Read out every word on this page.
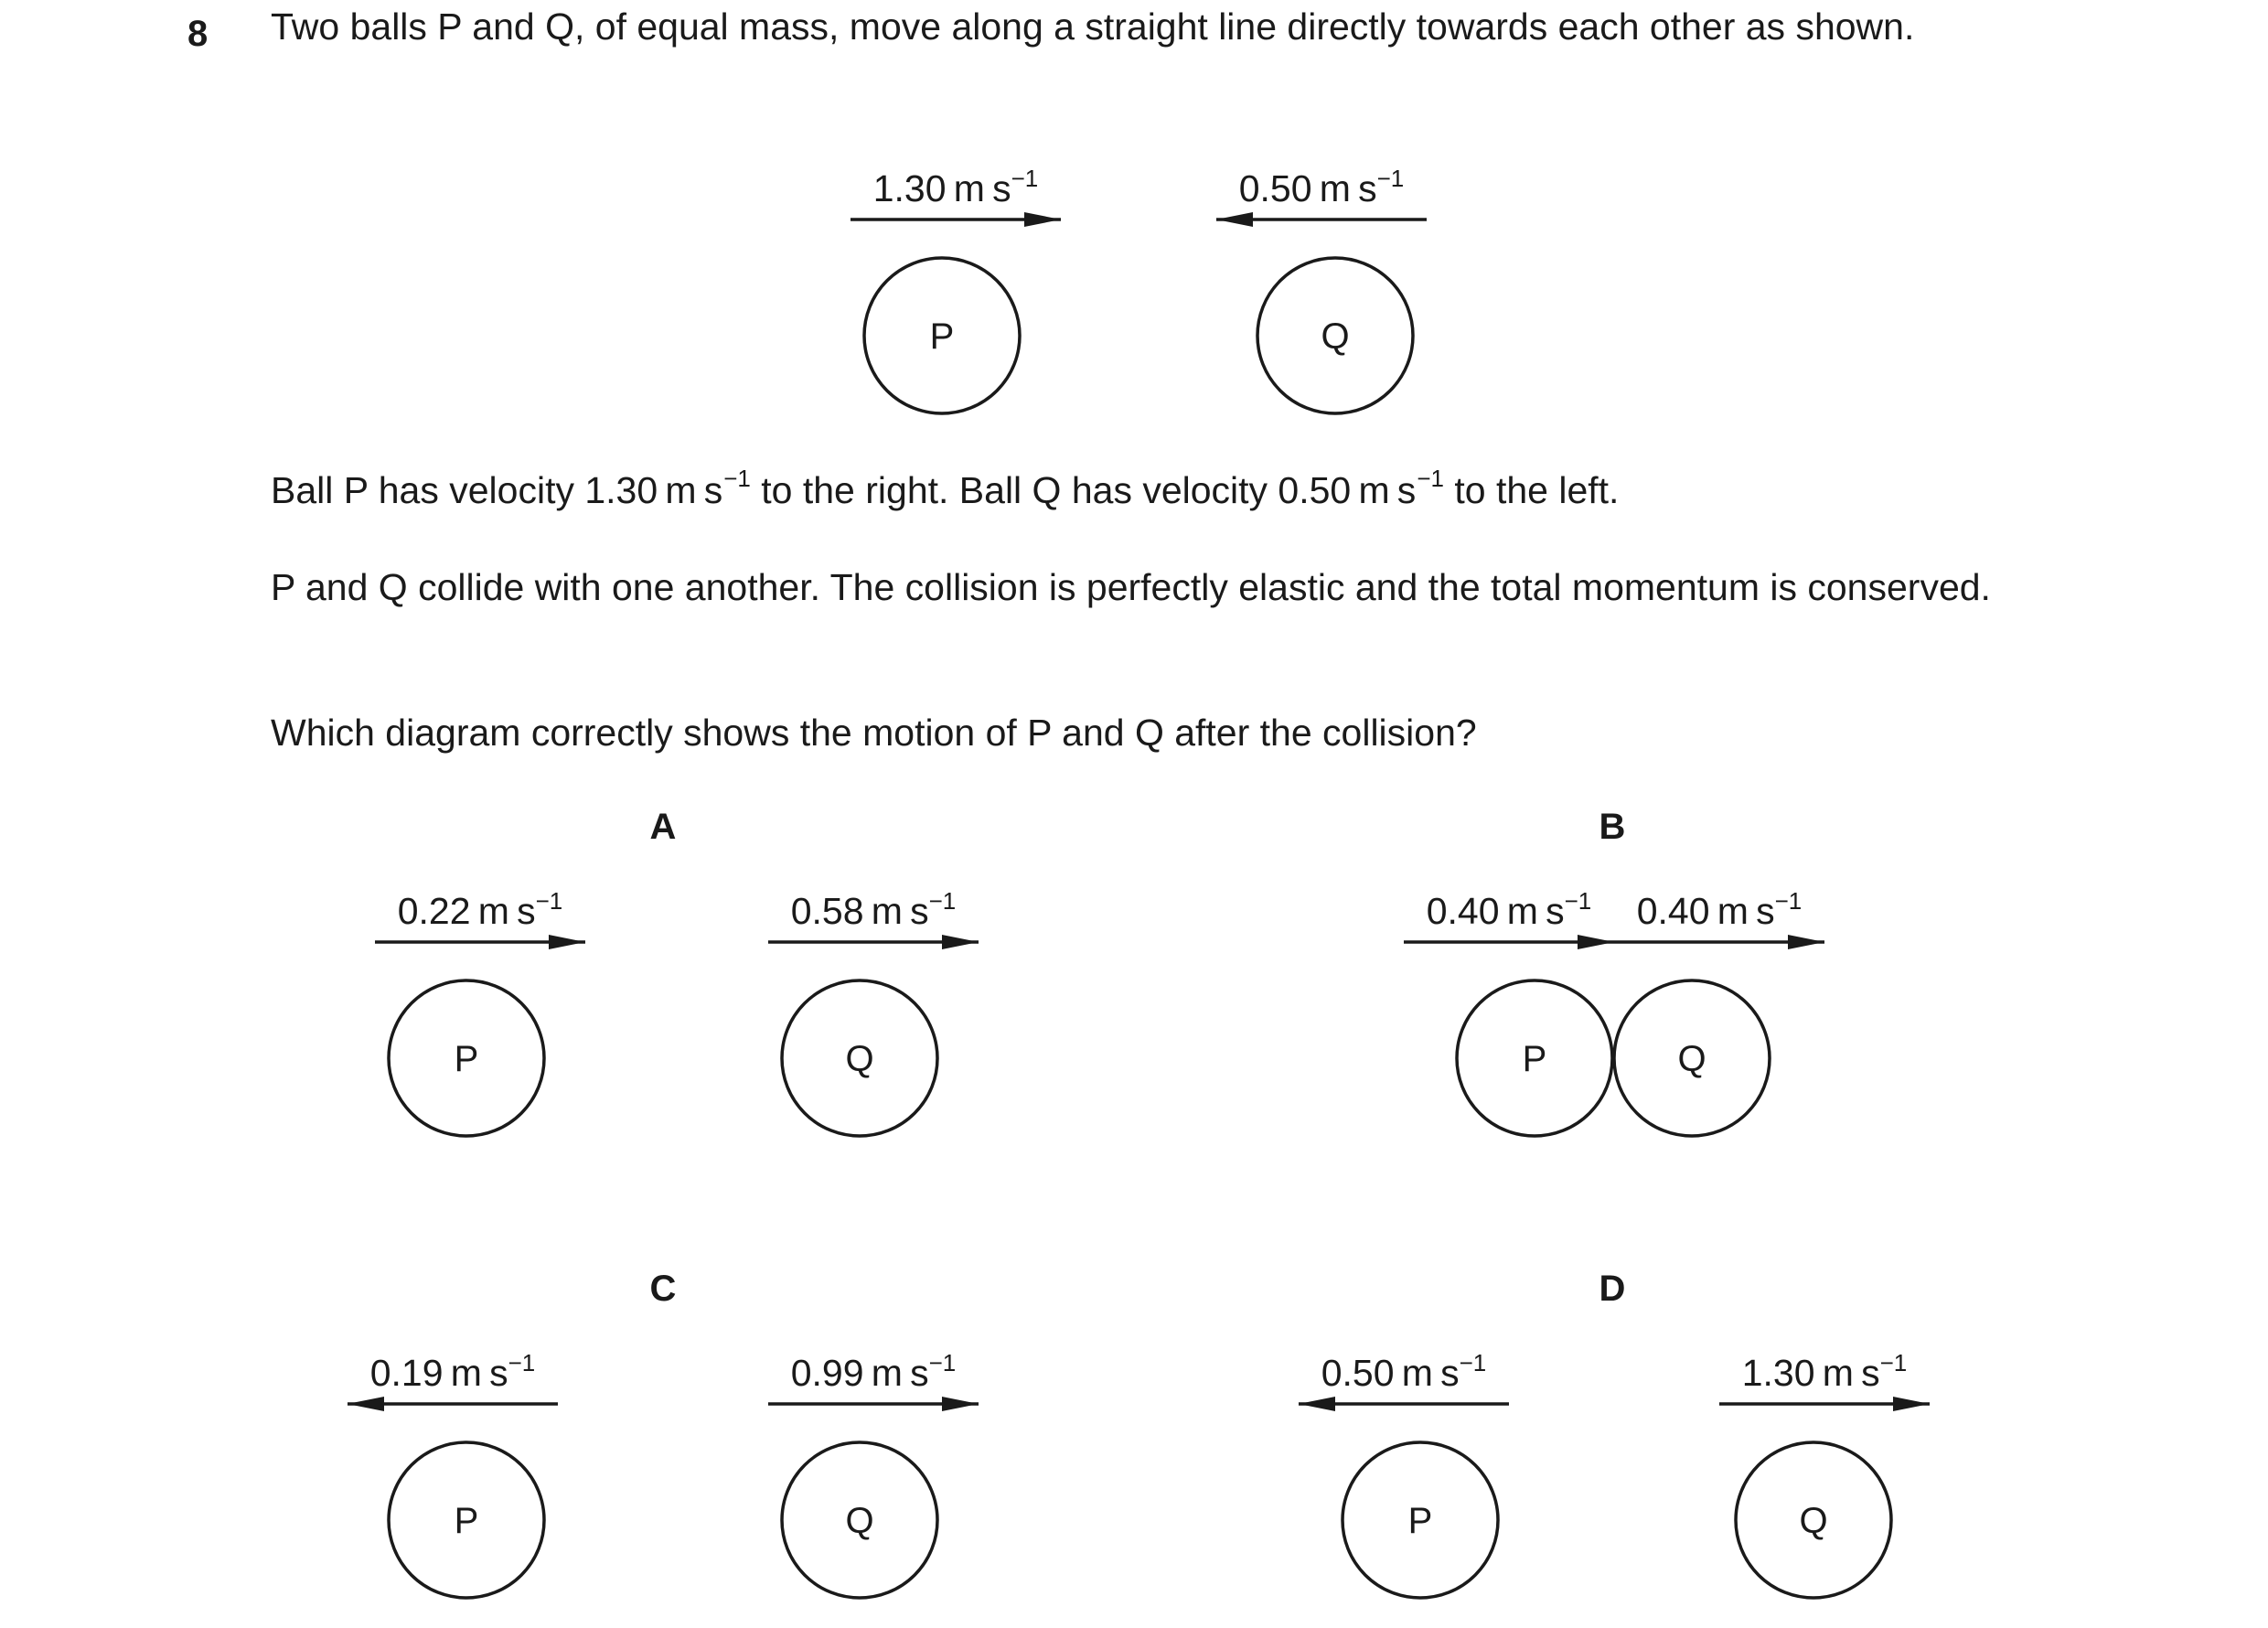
8 Two balls P and Q, of equal mass, move along a straight line directly towards each other as shown.

Ball P has velocity 1.30 m $s^{-1}$ to the right. Ball Q has velocity 0.50 m $s^{-1}$ to the left.

P and Q collide with one another. The collision is perfectly elastic and the total momentum is conserved.

Which diagram correctly shows the motion of P and Q after the collision?

1.30 m $s^{-1}$
P
0.50 m $s^{-1}$
Q
A
0.22 m $s^{-1}$
P
0.58 m $s^{-1}$
Q
B
0.40 m $s^{-1}$
P
0.40 m $s^{-1}$
Q
C
0.19 m $s^{-1}$
P
0.99 m $s^{-1}$
Q
D
0.50 m $s^{-1}$
P
1.30 m $s^{-1}$
Q
